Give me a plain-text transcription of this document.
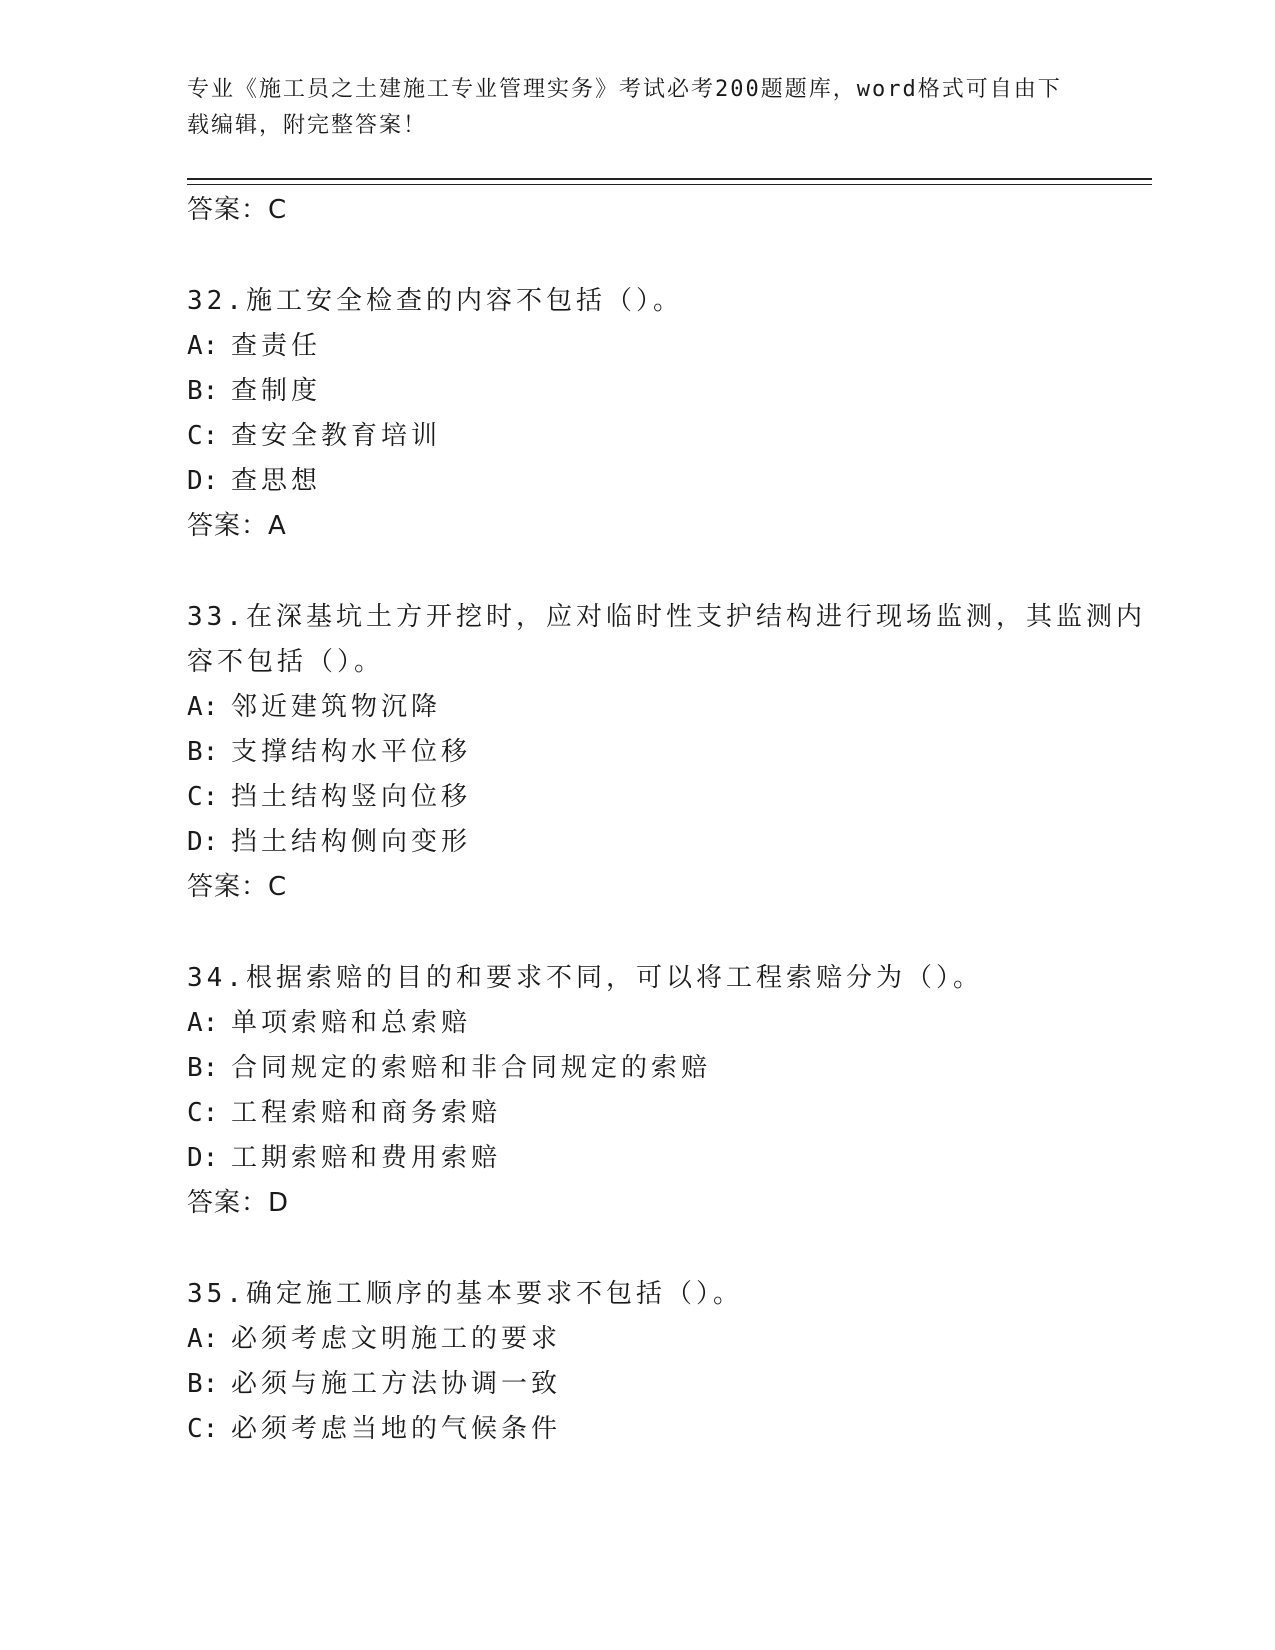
专业《施工员之土建施工专业管理实务》考试必考200题题库，word格式可自由下载编辑，附完整答案！
答案：C
32.施工安全检查的内容不包括（）。
A: 查责任
B: 查制度
C: 查安全教育培训
D: 查思想
答案：A
33.在深基坑土方开挖时，应对临时性支护结构进行现场监测，其监测内容不包括（）。
A: 邻近建筑物沉降
B: 支撑结构水平位移
C: 挡土结构竖向位移
D: 挡土结构侧向变形
答案：C
34.根据索赔的目的和要求不同，可以将工程索赔分为（）。
A: 单项索赔和总索赔
B: 合同规定的索赔和非合同规定的索赔
C: 工程索赔和商务索赔
D: 工期索赔和费用索赔
答案：D
35.确定施工顺序的基本要求不包括（）。
A: 必须考虑文明施工的要求
B: 必须与施工方法协调一致
C: 必须考虑当地的气候条件
